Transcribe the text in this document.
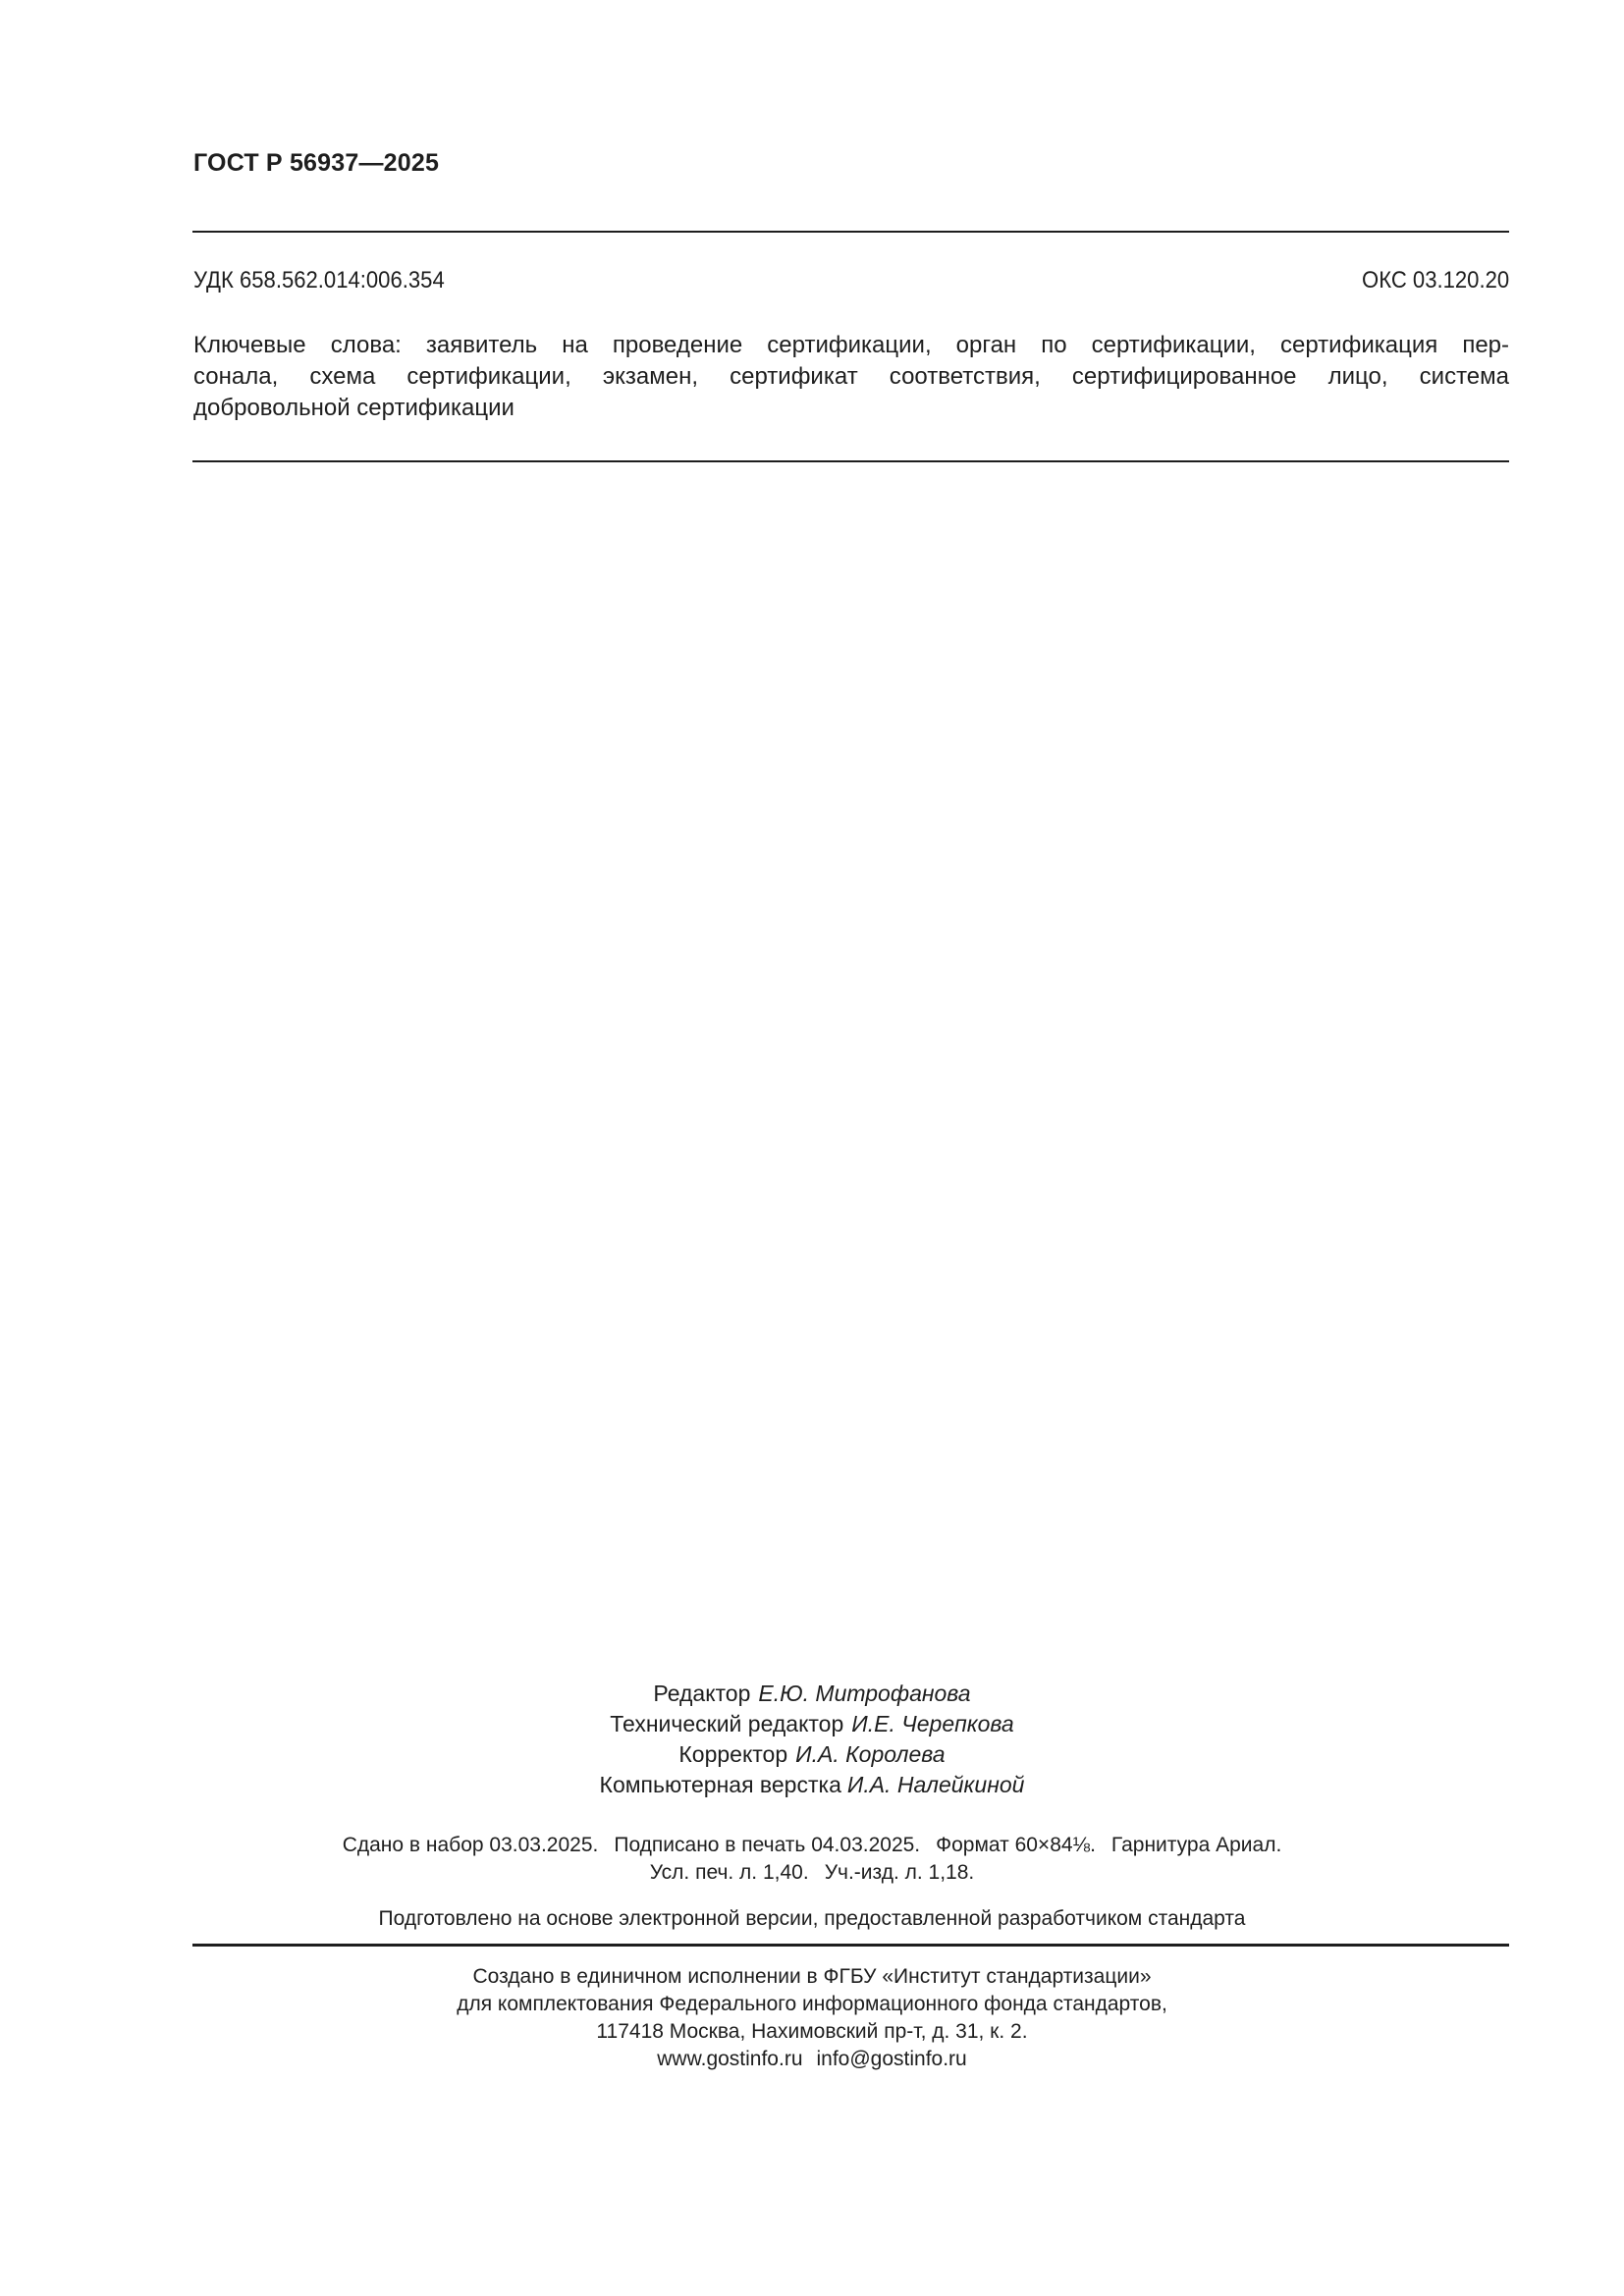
ГОСТ Р 56937—2025
УДК 658.562.014:006.354	ОКС 03.120.20
Ключевые слова: заявитель на проведение сертификации, орган по сертификации, сертификация пер-
сонала, схема сертификации, экзамен, сертификат соответствия, сертифицированное лицо, система
добровольной сертификации
Редактор Е.Ю. Митрофанова
Технический редактор И.Е. Черепкова
Корректор И.А. Королева
Компьютерная верстка И.А. Налейкиной
Сдано в набор 03.03.2025. Подписано в печать 04.03.2025. Формат 60×84⅛. Гарнитура Ариал.
Усл. печ. л. 1,40. Уч.-изд. л. 1,18.
Подготовлено на основе электронной версии, предоставленной разработчиком стандарта
Создано в единичном исполнении в ФГБУ «Институт стандартизации»
для комплектования Федерального информационного фонда стандартов,
117418 Москва, Нахимовский пр-т, д. 31, к. 2.
www.gostinfo.ru info@gostinfo.ru
